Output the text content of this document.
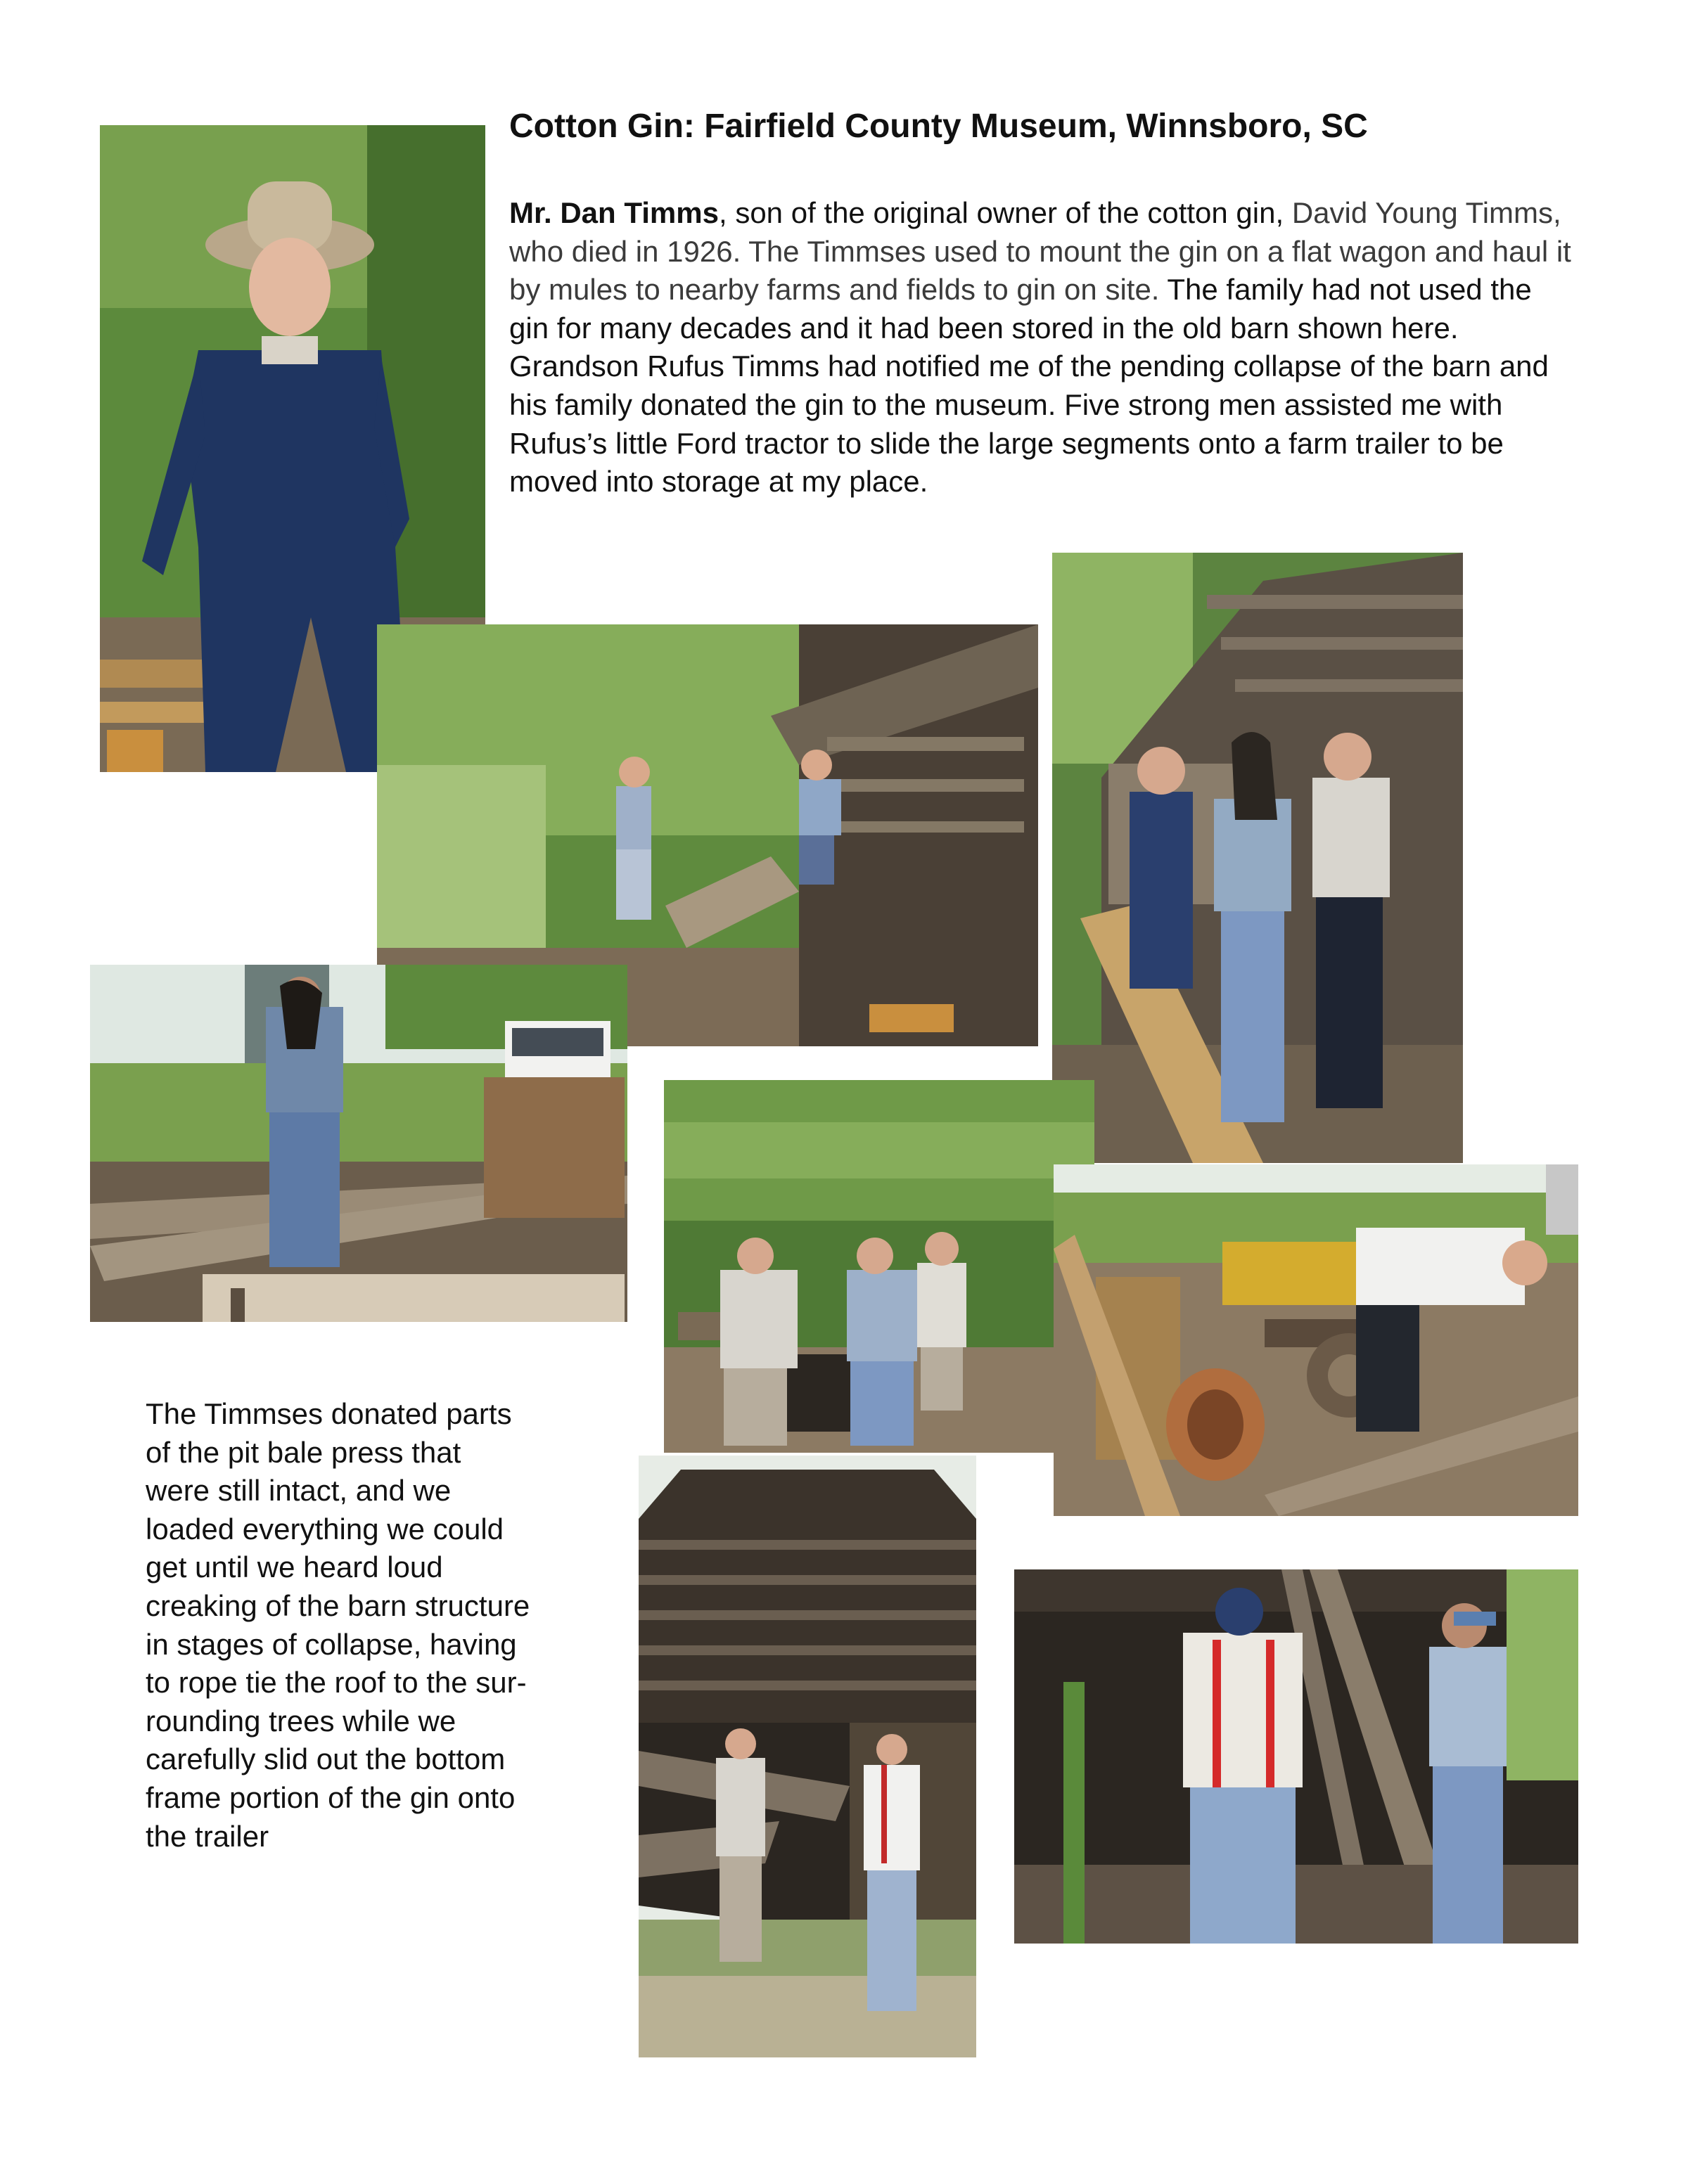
Cotton Gin: Fairfield County Museum, Winnsboro, SC

Mr. Dan Timms, son of the original owner of the cotton gin, David Young Timms, who died in 1926. The Timmses used to mount the gin on a flat wagon and haul it by mules to nearby farms and fields to gin on site. The family had not used the gin for many decades and it had been stored in the old barn shown here. Grandson Rufus Timms had notified me of the pending collapse of the barn and his family donated the gin to the museum. Five strong men assisted me with Rufus’s little Ford tractor to slide the large segments onto a farm trailer to be moved into storage at my place.

The Timmses donated parts
of the pit bale press that
were still intact, and we
loaded everything we could
get until we heard loud
creaking of the barn structure
in stages of collapse, having
to rope tie the roof to the sur-
rounding trees while we
carefully slid out the bottom
frame portion of the gin onto
the trailer
